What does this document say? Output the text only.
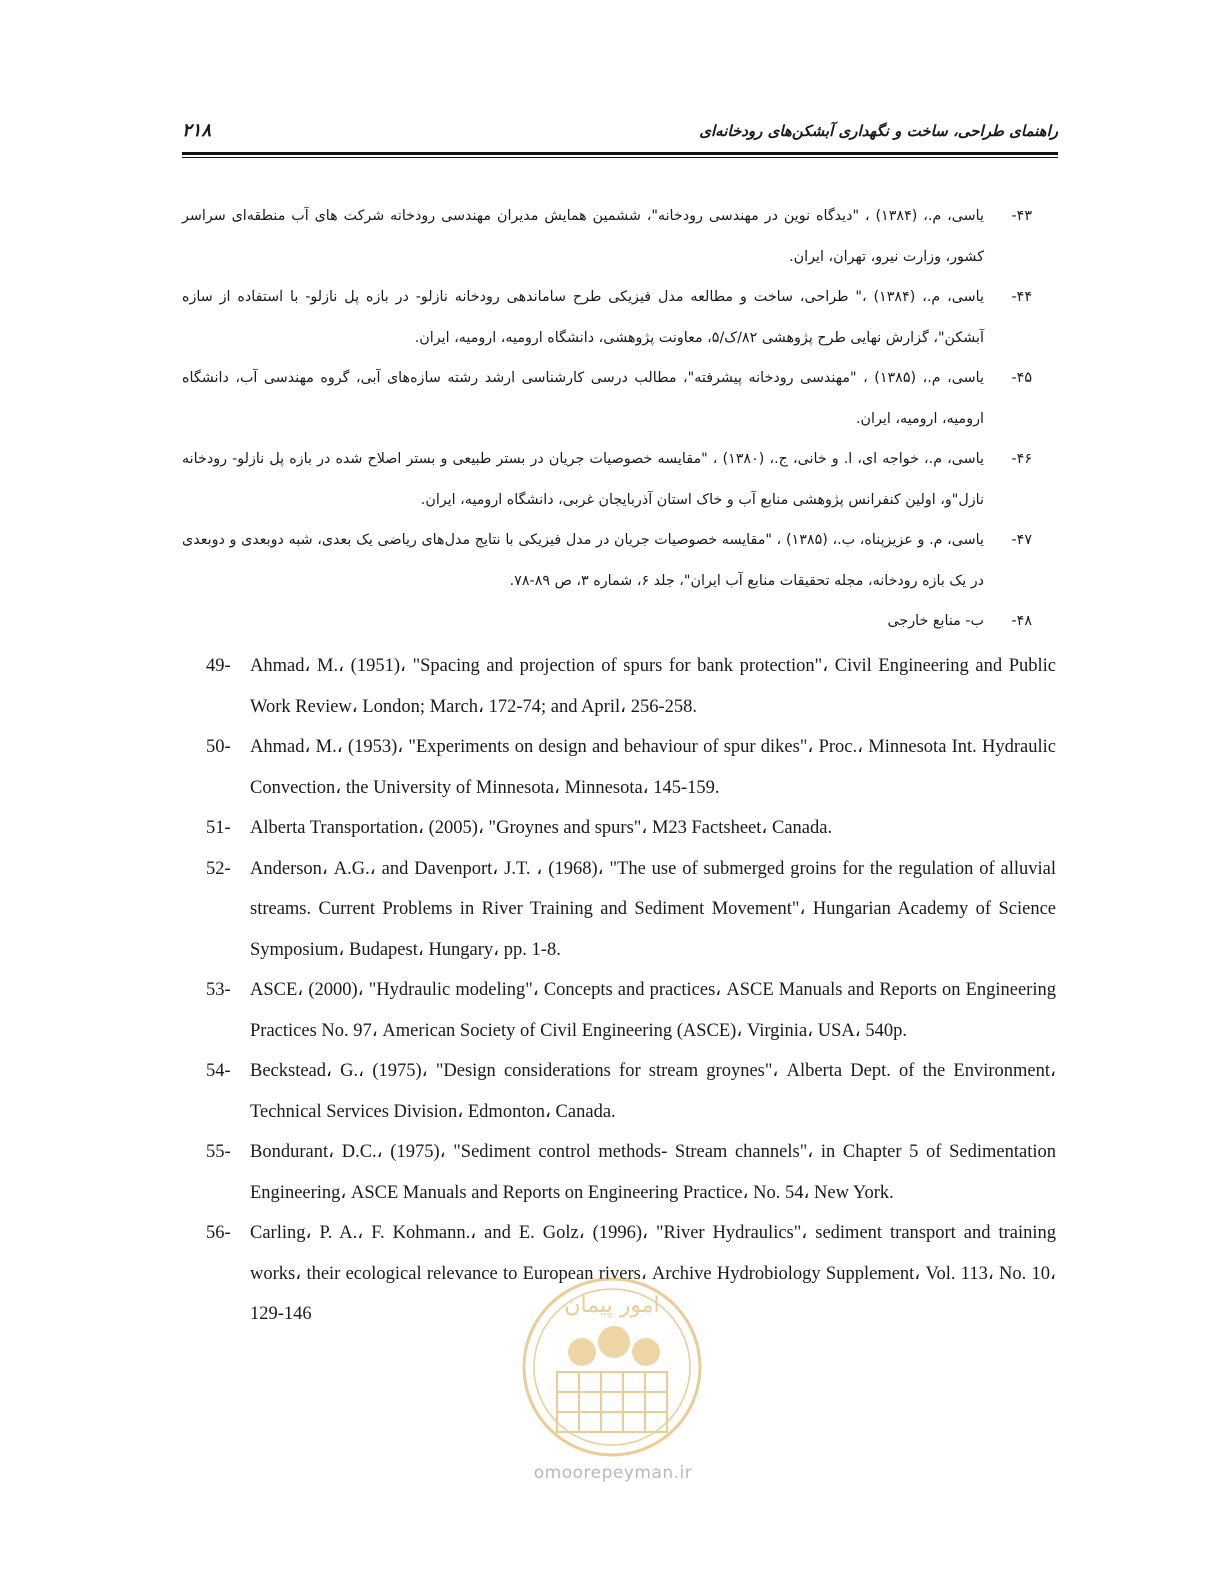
راهنمای طراحی، ساخت و نگهداری آبشکن‌های رودخانه‌ای
۲۱۸
۴۳-
یاسی، م.، (۱۳۸۴) ، "دیدگاه نوین در مهندسی رودخانه"، ششمین همایش مدیران مهندسی رودخانه شرکت های آب منطقه‌ای سراسر کشور، وزارت نیرو، تهران، ایران.
۴۴-
یاسی، م.، (۱۳۸۴) ،" طراحی، ساخت و مطالعه مدل فیزیکی طرح ساماندهی رودخانه نازلو- در بازه پل نازلو- با استفاده از سازه آبشکن"، گزارش نهایی طرح پژوهشی ۸۲/ک/۵، معاونت پژوهشی، دانشگاه ارومیه، ارومیه، ایران.
۴۵-
یاسی، م.، (۱۳۸۵) ، "مهندسی رودخانه پیشرفته"، مطالب درسی کارشناسی ارشد رشته سازه‌های آبی، گروه مهندسی آب، دانشگاه ارومیه، ارومیه، ایران.
۴۶-
یاسی، م.، خواجه ای، ا. و خانی، ج.، (۱۳۸۰) ، "مقایسه خصوصیات جریان در بستر طبیعی و بستر اصلاح شده در بازه پل نازلو- رودخانه نازل"و، اولین کنفرانس پژوهشی منابع آب و خاک استان آذربایجان غربی، دانشگاه ارومیه، ایران.
۴۷-
یاسی، م. و عزیزپناه، ب.، (۱۳۸۵) ، "مقایسه خصوصیات جریان در مدل فیزیکی با نتایج مدل‌های ریاضی یک بعدی، شبه دوبعدی و دوبعدی در یک بازه رودخانه، مجله تحقیقات منابع آب ایران"، جلد ۶، شماره ۳، ص ۸۹-۷۸.
۴۸-
ب- منابع خارجی
49-	Ahmad، M.، (1951)، "Spacing and projection of spurs for bank protection"، Civil Engineering and Public Work Review، London; March، 172-74; and April، 256-258.
50-	Ahmad، M.، (1953)، "Experiments on design and behaviour of spur dikes"، Proc.، Minnesota Int. Hydraulic Convection، the University of Minnesota، Minnesota، 145-159.
51-	Alberta Transportation، (2005)، "Groynes and spurs"، M23 Factsheet، Canada.
52-	Anderson، A.G.، and Davenport، J.T. ، (1968)، "The use of submerged groins for the regulation of alluvial streams. Current Problems in River Training and Sediment Movement"، Hungarian Academy of Science Symposium، Budapest، Hungary، pp. 1-8.
53-	ASCE، (2000)، "Hydraulic modeling"، Concepts and practices، ASCE Manuals and Reports on Engineering Practices No. 97، American Society of Civil Engineering (ASCE)، Virginia، USA، 540p.
54-	Beckstead، G.، (1975)، "Design considerations for stream groynes"، Alberta Dept. of the Environment، Technical Services Division، Edmonton، Canada.
55-	Bondurant، D.C.، (1975)، "Sediment control methods- Stream channels"، in Chapter 5 of Sedimentation Engineering، ASCE Manuals and Reports on Engineering Practice، No. 54، New York.
56-	Carling، P. A.، F. Kohmann.، and E. Golz، (1996)، "River Hydraulics"، sediment transport and training works، their ecological relevance to European rivers، Archive Hydrobiology Supplement، Vol. 113، No. 10، 129-146	امور پیمان
omoorepeyman.ir
